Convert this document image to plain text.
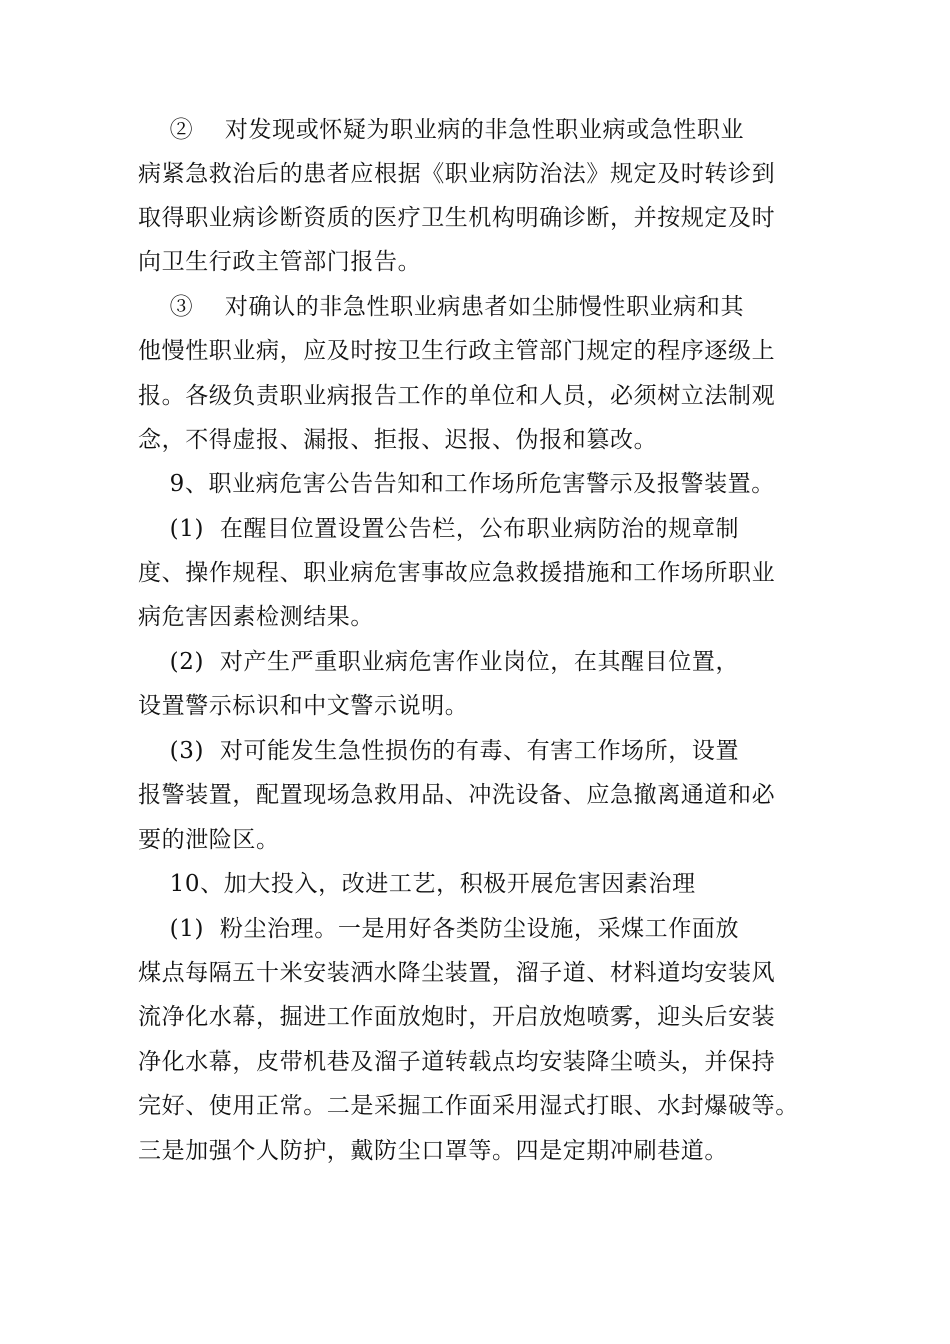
②    对发现或怀疑为职业病的非急性职业病或急性职业
病紧急救治后的患者应根据《职业病防治法》规定及时转诊到
取得职业病诊断资质的医疗卫生机构明确诊断，并按规定及时
向卫生行政主管部门报告。
③    对确认的非急性职业病患者如尘肺慢性职业病和其
他慢性职业病，应及时按卫生行政主管部门规定的程序逐级上
报。各级负责职业病报告工作的单位和人员，必须树立法制观
念，不得虚报、漏报、拒报、迟报、伪报和篡改。
9、职业病危害公告告知和工作场所危害警示及报警装置。
(1)  在醒目位置设置公告栏，公布职业病防治的规章制
度、操作规程、职业病危害事故应急救援措施和工作场所职业
病危害因素检测结果。
(2)  对产生严重职业病危害作业岗位，在其醒目位置，
设置警示标识和中文警示说明。
(3)  对可能发生急性损伤的有毒、有害工作场所，设置
报警装置，配置现场急救用品、冲洗设备、应急撤离通道和必
要的泄险区。
10、加大投入，改进工艺，积极开展危害因素治理
(1)  粉尘治理。一是用好各类防尘设施，采煤工作面放
煤点每隔五十米安装洒水降尘装置，溜子道、材料道均安装风
流净化水幕，掘进工作面放炮时，开启放炮喷雾，迎头后安装
净化水幕，皮带机巷及溜子道转载点均安装降尘喷头，并保持
完好、使用正常。二是采掘工作面采用湿式打眼、水封爆破等。
三是加强个人防护，戴防尘口罩等。四是定期冲刷巷道。
